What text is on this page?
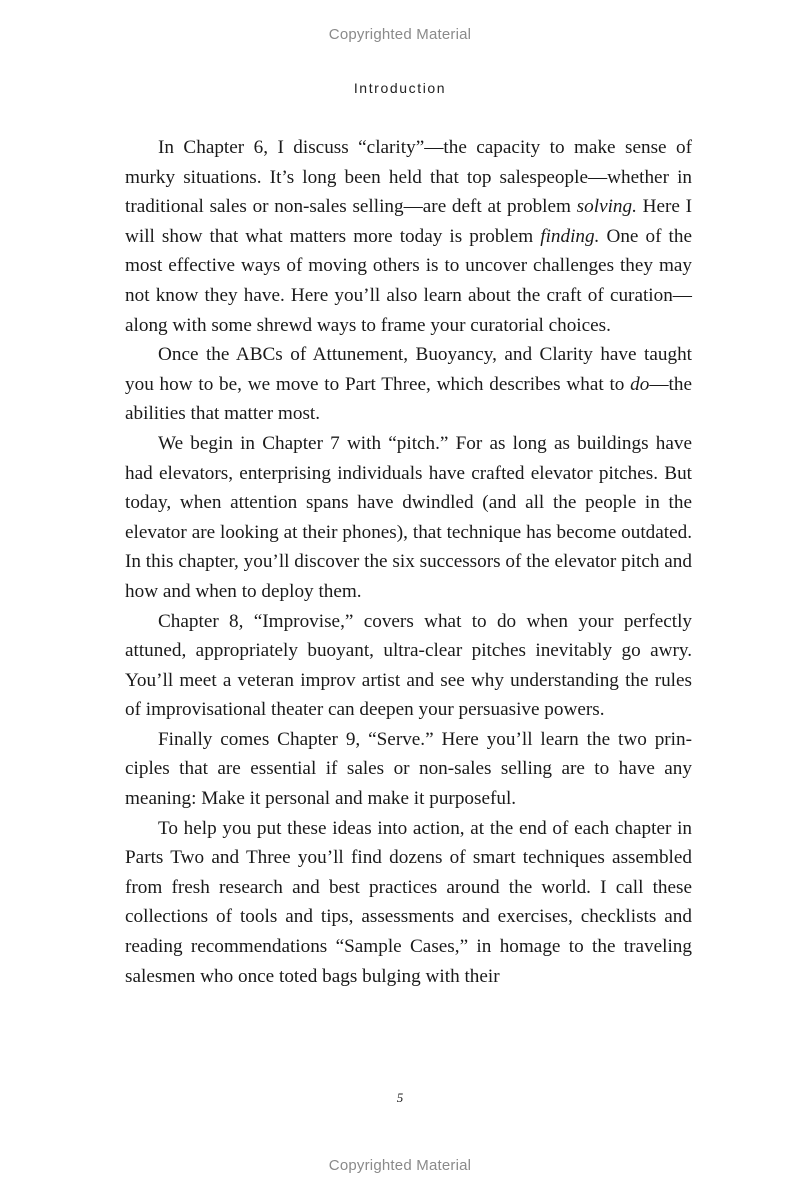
Copyrighted Material
Introduction

In Chapter 6, I discuss “clarity”—the capacity to make sense of murky situations. It’s long been held that top salespeople—whether in traditional sales or non-sales selling—are deft at problem solving. Here I will show that what matters more today is problem finding. One of the most effective ways of moving others is to uncover challenges they may not know they have. Here you’ll also learn about the craft of curation—along with some shrewd ways to frame your curatorial choices.

Once the ABCs of Attunement, Buoyancy, and Clarity have taught you how to be, we move to Part Three, which describes what to do—the abilities that matter most.

We begin in Chapter 7 with “pitch.” For as long as buildings have had elevators, enterprising individuals have crafted elevator pitches. But today, when attention spans have dwindled (and all the people in the elevator are looking at their phones), that technique has become outdated. In this chapter, you’ll discover the six successors of the elevator pitch and how and when to deploy them.

Chapter 8, “Improvise,” covers what to do when your perfectly attuned, appropriately buoyant, ultra-clear pitches inevitably go awry. You’ll meet a veteran improv artist and see why understanding the rules of improvisational theater can deepen your persuasive powers.

Finally comes Chapter 9, “Serve.” Here you’ll learn the two principles that are essential if sales or non-sales selling are to have any meaning: Make it personal and make it purposeful.

To help you put these ideas into action, at the end of each chapter in Parts Two and Three you’ll find dozens of smart techniques assembled from fresh research and best practices around the world. I call these collections of tools and tips, assessments and exercises, checklists and reading recommendations “Sample Cases,” in homage to the traveling salesmen who once toted bags bulging with their

5
Copyrighted Material
